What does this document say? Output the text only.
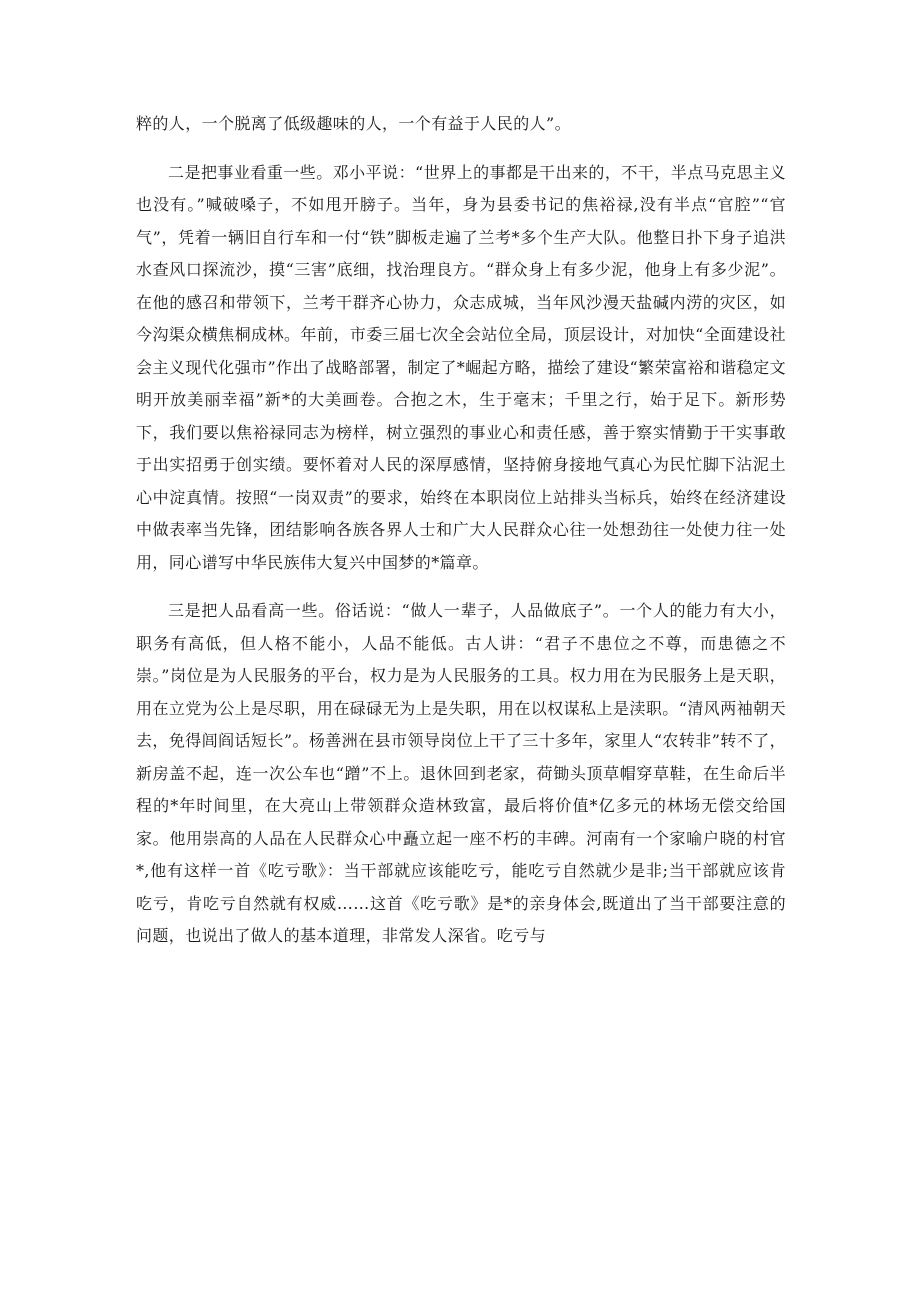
粹的人，一个脱离了低级趣味的人，一个有益于人民的人”。

二是把事业看重一些。邓小平说：“世界上的事都是干出来的，不干，半点马克思主义也没有。”喊破嗓子，不如甩开膀子。当年，身为县委书记的焦裕禄,没有半点“官腔”“官气”，凭着一辆旧自行车和一付“铁”脚板走遍了兰考*多个生产大队。他整日扑下身子追洪水查风口探流沙，摸“三害”底细，找治理良方。“群众身上有多少泥，他身上有多少泥”。在他的感召和带领下，兰考干群齐心协力，众志成城，当年风沙漫天盐碱内涝的灾区，如今沟渠众横焦桐成林。年前，市委三届七次全会站位全局，顶层设计，对加快“全面建设社会主义现代化强市”作出了战略部署，制定了*崛起方略，描绘了建设“繁荣富裕和谐稳定文明开放美丽幸福”新*的大美画卷。合抱之木，生于毫末；千里之行，始于足下。新形势下，我们要以焦裕禄同志为榜样，树立强烈的事业心和责任感，善于察实情勤于干实事敢于出实招勇于创实绩。要怀着对人民的深厚感情，坚持俯身接地气真心为民忙脚下沾泥土心中淀真情。按照“一岗双责”的要求，始终在本职岗位上站排头当标兵，始终在经济建设中做表率当先锋，团结影响各族各界人士和广大人民群众心往一处想劲往一处使力往一处用，同心谱写中华民族伟大复兴中国梦的*篇章。

三是把人品看高一些。俗话说：“做人一辈子，人品做底子”。一个人的能力有大小，职务有高低，但人格不能小，人品不能低。古人讲：“君子不患位之不尊，而患德之不崇。”岗位是为人民服务的平台，权力是为人民服务的工具。权力用在为民服务上是天职，用在立党为公上是尽职，用在碌碌无为上是失职，用在以权谋私上是渎职。“清风两袖朝天去，免得闾阎话短长”。杨善洲在县市领导岗位上干了三十多年，家里人“农转非”转不了，新房盖不起，连一次公车也“蹭”不上。退休回到老家，荷锄头顶草帽穿草鞋，在生命后半程的*年时间里，在大亮山上带领群众造林致富，最后将价值*亿多元的林场无偿交给国家。他用崇高的人品在人民群众心中矗立起一座不朽的丰碑。河南有一个家喻户晓的村官*,他有这样一首《吃亏歌》：当干部就应该能吃亏，能吃亏自然就少是非;当干部就应该肯吃亏，肯吃亏自然就有权威……这首《吃亏歌》是*的亲身体会,既道出了当干部要注意的问题，也说出了做人的基本道理，非常发人深省。吃亏与
